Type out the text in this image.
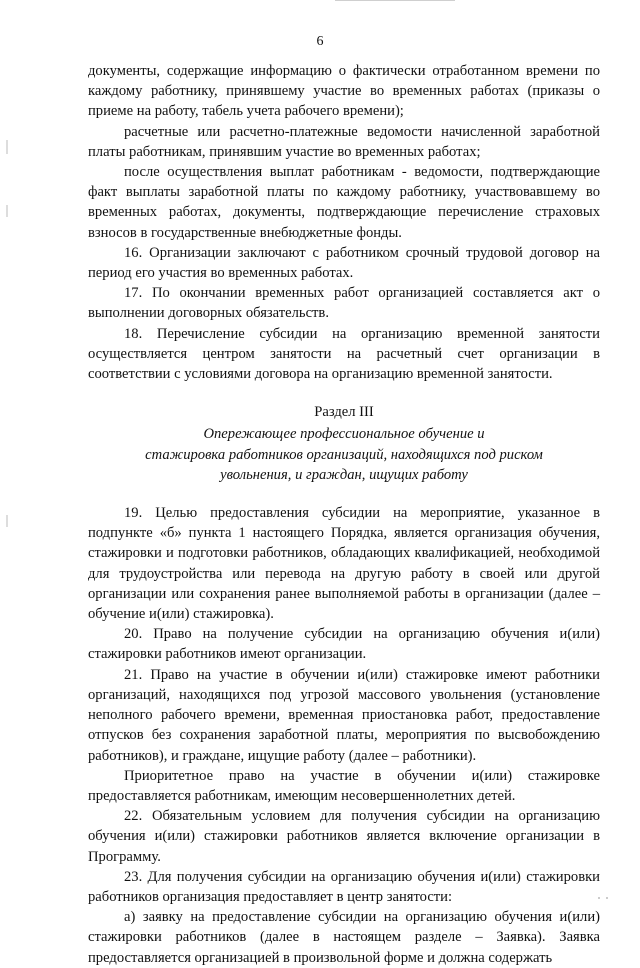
6

документы, содержащие информацию о фактически отработанном времени по каждому работнику, принявшему участие во временных работах (приказы о приеме на работу, табель учета рабочего времени);

расчетные или расчетно-платежные ведомости начисленной заработной платы работникам, принявшим участие во временных работах;

после осуществления выплат работникам - ведомости, подтверждающие факт выплаты заработной платы по каждому работнику, участвовавшему во временных работах, документы, подтверждающие перечисление страховых взносов в государственные внебюджетные фонды.

16. Организации заключают с работником срочный трудовой договор на период его участия во временных работах.

17. По окончании временных работ организацией составляется акт о выполнении договорных обязательств.

18. Перечисление субсидии на организацию временной занятости осуществляется центром занятости на расчетный счет организации в соответствии с условиями договора на организацию временной занятости.

Раздел III
Опережающее профессиональное обучение и
стажировка работников организаций, находящихся под риском
увольнения, и граждан, ищущих работу

19. Целью предоставления субсидии на мероприятие, указанное в подпункте «б» пункта 1 настоящего Порядка, является организация обучения, стажировки и подготовки работников, обладающих квалификацией, необходимой для трудоустройства или перевода на другую работу в своей или другой организации или сохранения ранее выполняемой работы в организации (далее – обучение и(или) стажировка).

20. Право на получение субсидии на организацию обучения и(или) стажировки работников имеют организации.

21. Право на участие в обучении и(или) стажировке имеют работники организаций, находящихся под угрозой массового увольнения (установление неполного рабочего времени, временная приостановка работ, предоставление отпусков без сохранения заработной платы, мероприятия по высвобождению работников), и граждане, ищущие работу (далее – работники).

Приоритетное право на участие в обучении и(или) стажировке предоставляется работникам, имеющим несовершеннолетних детей.

22. Обязательным условием для получения субсидии на организацию обучения и(или) стажировки работников является включение организации в Программу.

23. Для получения субсидии на организацию обучения и(или) стажировки работников организация предоставляет в центр занятости:

а) заявку на предоставление субсидии на организацию обучения и(или) стажировки работников (далее в настоящем разделе – Заявка). Заявка предоставляется организацией в произвольной форме и должна содержать
